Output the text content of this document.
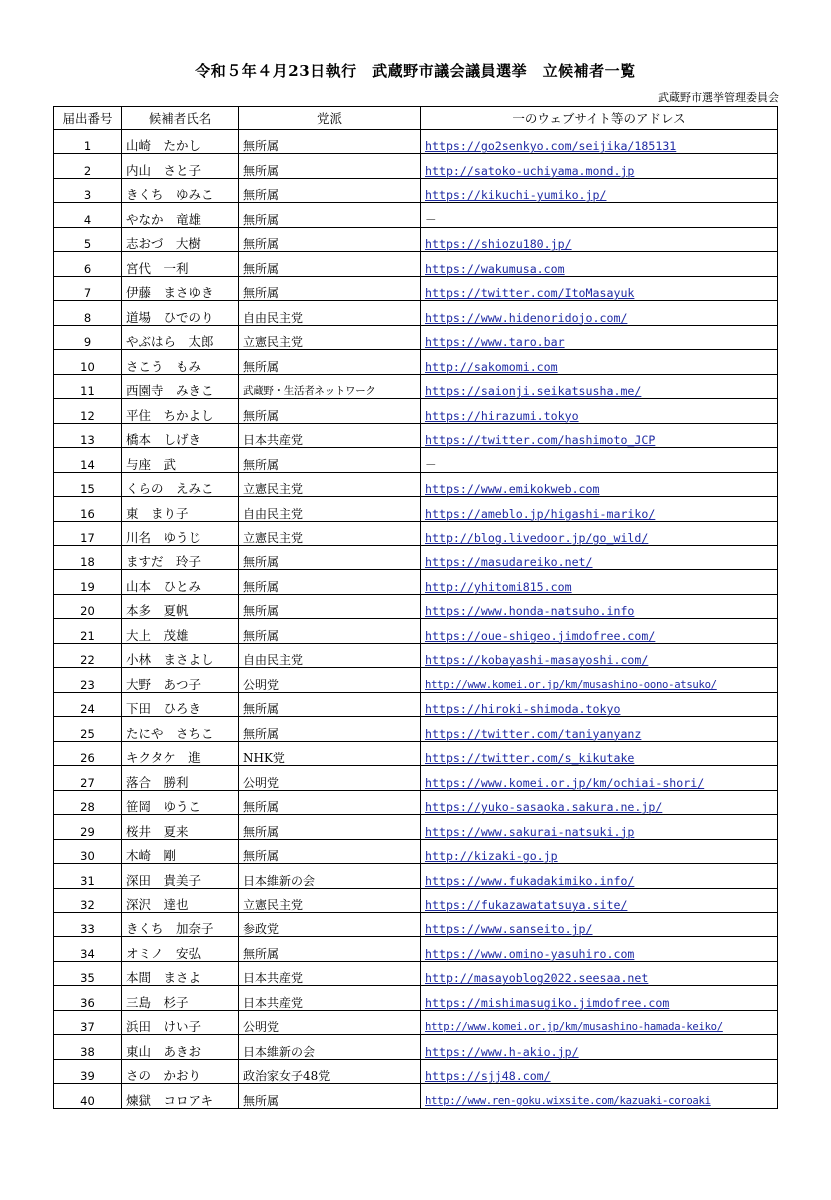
令和５年４月23日執行　武蔵野市議会議員選挙　立候補者一覧
武蔵野市選挙管理委員会
届出番号	候補者氏名	党派	一のウェブサイト等のアドレス
1	山崎　たかし	無所属	https://go2senkyo.com/seijika/185131
2	内山　さと子	無所属	http://satoko-uchiyama.mond.jp
3	きくち　ゆみこ	無所属	https://kikuchi-yumiko.jp/
4	やなか　竜雄	無所属	－
5	志おづ　大樹	無所属	https://shiozu180.jp/
6	宮代　一利	無所属	https://wakumusa.com
7	伊藤　まさゆき	無所属	https://twitter.com/ItoMasayuk
8	道場　ひでのり	自由民主党	https://www.hidenoridojo.com/
9	やぶはら　太郎	立憲民主党	https://www.taro.bar
10	さこう　もみ	無所属	http://sakomomi.com
11	西園寺　みきこ	武蔵野・生活者ネットワーク	https://saionji.seikatsusha.me/
12	平住　ちかよし	無所属	https://hirazumi.tokyo
13	橋本　しげき	日本共産党	https://twitter.com/hashimoto_JCP
14	与座　武	無所属	－
15	くらの　えみこ	立憲民主党	https://www.emikokweb.com
16	東　まり子	自由民主党	https://ameblo.jp/higashi-mariko/
17	川名　ゆうじ	立憲民主党	http://blog.livedoor.jp/go_wild/
18	ますだ　玲子	無所属	https://masudareiko.net/
19	山本　ひとみ	無所属	http://yhitomi815.com
20	本多　夏帆	無所属	https://www.honda-natsuho.info
21	大上　茂雄	無所属	https://oue-shigeo.jimdofree.com/
22	小林　まさよし	自由民主党	https://kobayashi-masayoshi.com/
23	大野　あつ子	公明党	http://www.komei.or.jp/km/musashino-oono-atsuko/
24	下田　ひろき	無所属	https://hiroki-shimoda.tokyo
25	たにや　さちこ	無所属	https://twitter.com/taniyanyanz
26	キクタケ　進	NHK党	https://twitter.com/s_kikutake
27	落合　勝利	公明党	https://www.komei.or.jp/km/ochiai-shori/
28	笹岡　ゆうこ	無所属	https://yuko-sasaoka.sakura.ne.jp/
29	桜井　夏来	無所属	https://www.sakurai-natsuki.jp
30	木崎　剛	無所属	http://kizaki-go.jp
31	深田　貴美子	日本維新の会	https://www.fukadakimiko.info/
32	深沢　達也	立憲民主党	https://fukazawatatsuya.site/
33	きくち　加奈子	参政党	https://www.sanseito.jp/
34	オミノ　安弘	無所属	https://www.omino-yasuhiro.com
35	本間　まさよ	日本共産党	http://masayoblog2022.seesaa.net
36	三島　杉子	日本共産党	https://mishimasugiko.jimdofree.com
37	浜田　けい子	公明党	http://www.komei.or.jp/km/musashino-hamada-keiko/
38	東山　あきお	日本維新の会	https://www.h-akio.jp/
39	さの　かおり	政治家女子48党	https://sjj48.com/
40	煉獄　コロアキ	無所属	http://www.ren-goku.wixsite.com/kazuaki-coroaki
